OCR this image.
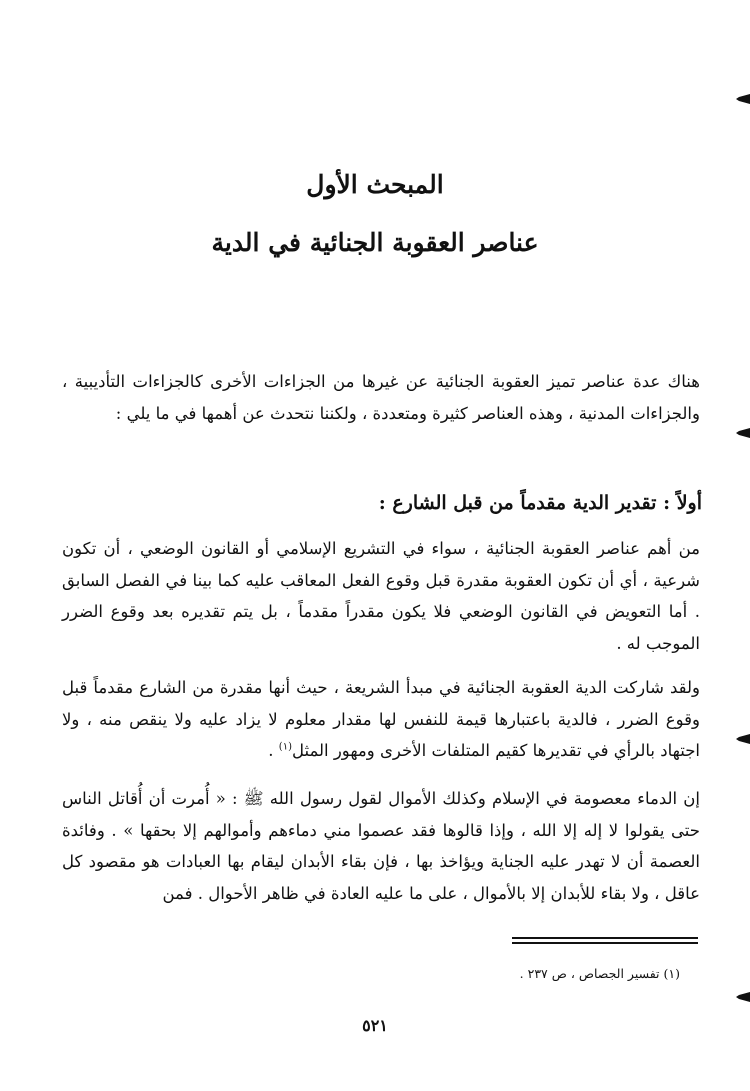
المبحث الأول
عناصر العقوبة الجنائية في الدية

هناك عدة عناصر تميز العقوبة الجنائية عن غيرها من الجزاءات الأخرى كالجزاءات التأديبية ، والجزاءات المدنية ، وهذه العناصر كثيرة ومتعددة ، ولكننا نتحدث عن أهمها في ما يلي :

أولاً : تقدير الدية مقدماً من قبل الشارع :

من أهم عناصر العقوبة الجنائية ، سواء في التشريع الإسلامي أو القانون الوضعي ، أن تكون شرعية ، أي أن تكون العقوبة مقدرة قبل وقوع الفعل المعاقب عليه كما بينا في الفصل السابق . أما التعويض في القانون الوضعي فلا يكون مقدراً مقدماً ، بل يتم تقديره بعد وقوع الضرر الموجب له .

ولقد شاركت الدية العقوبة الجنائية في مبدأ الشريعة ، حيث أنها مقدرة من الشارع مقدماً قبل وقوع الضرر ، فالدية باعتبارها قيمة للنفس لها مقدار معلوم لا يزاد عليه ولا ينقص منه ، ولا اجتهاد بالرأي في تقديرها كقيم المتلفات الأخرى ومهور المثل$^{(١)}$ .

إن الدماء معصومة في الإسلام وكذلك الأموال لقول رسول الله ﷺ : « أُمرت أن أُقاتل الناس حتى يقولوا لا إله إلا الله ، وإذا قالوها فقد عصموا مني دماءهم وأموالهم إلا بحقها » . وفائدة العصمة أن لا تهدر عليه الجناية ويؤاخذ بها ، فإن بقاء الأبدان ليقام بها العبادات هو مقصود كل عاقل ، ولا بقاء للأبدان إلا بالأموال ، على ما عليه العادة في ظاهر الأحوال . فمن

(١) تفسير الجصاص ، ص ٢٣٧ .
٥٢١
